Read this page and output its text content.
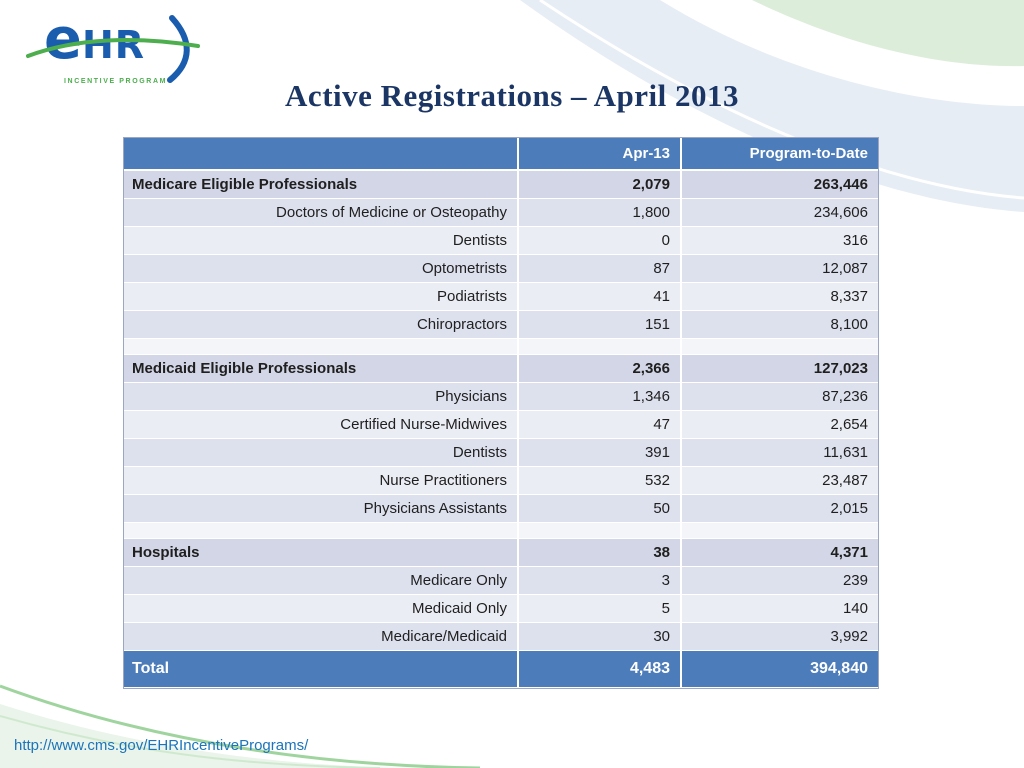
e HR
INCENTIVE PROGRAM	Active Registrations – April 2013
	Apr-13	Program-to-Date
Medicare Eligible Professionals	2,079	263,446
Doctors of Medicine or Osteopathy	1,800	234,606
Dentists	0	316
Optometrists	87	12,087
Podiatrists	41	8,337
Chiropractors	151	8,100

Medicaid Eligible Professionals	2,366	127,023
Physicians	1,346	87,236
Certified Nurse-Midwives	47	2,654
Dentists	391	11,631
Nurse Practitioners	532	23,487
Physicians Assistants	50	2,015

Hospitals	38	4,371
Medicare Only	3	239
Medicaid Only	5	140
Medicare/Medicaid	30	3,992
Total	4,483	394,840
http://www.cms.gov/EHRIncentivePrograms/
